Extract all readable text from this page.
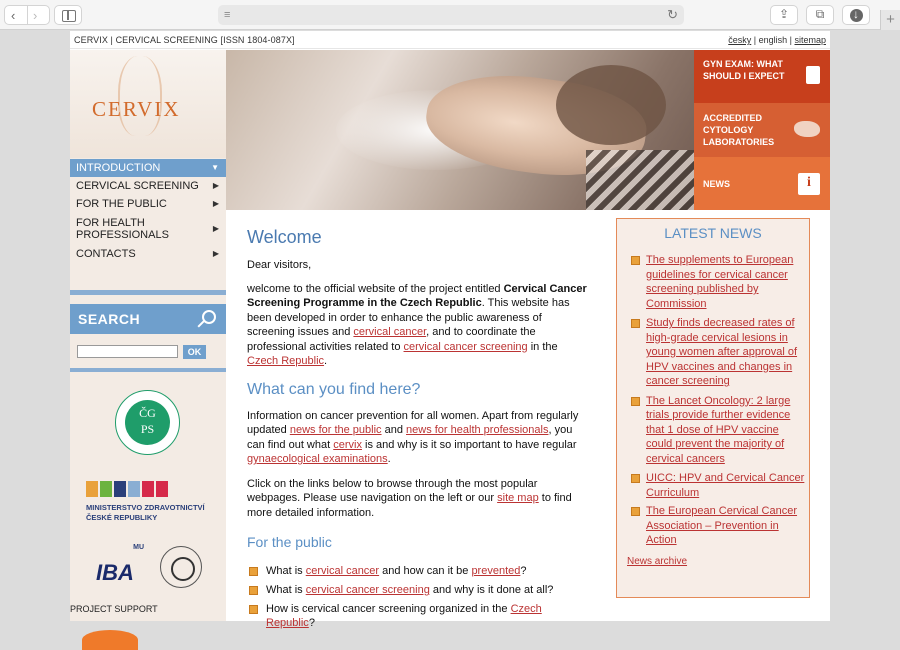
‹ ›	≡	↻	⇪	⧉	↓	+
CERVIX | CERVICAL SCREENING [ISSN 1804-087X]	česky | english | sitemap
CERVIX
INTRODUCTION	▼
CERVICAL SCREENING ▶
FOR THE PUBLIC	▶
FOR HEALTH PROFESSIONALS
▶
CONTACTS	▶
SEARCH
OK
ČG PS
MINISTERSTVO ZDRAVOTNICTVÍ
ČESKÉ REPUBLIKY
MU
IBA
PROJECT SUPPORT
GYN EXAM: WHAT SHOULD I EXPECT
ACCREDITED CYTOLOGY LABORATORIES
NEWS	i
Welcome

Dear visitors,

welcome to the official website of the project entitled Cervical Cancer Screening Programme in the Czech Republic. This website has been developed in order to enhance the public awareness of screening issues and cervical cancer, and to coordinate the professional activities related to cervical cancer screening in the Czech Republic.

What can you find here?

Information on cancer prevention for all women. Apart from regularly updated news for the public and news for health professionals, you can find out what cervix is and why is it so important to have regular gynaecological examinations.

Click on the links below to browse through the most popular webpages. Please use navigation on the left or our site map to find more detailed information.

For the public
What is cervical cancer and how can it be prevented?
What is cervical cancer screening and why is it done at all?
How is cervical cancer screening organized in the Czech Republic?
LATEST NEWS
The supplements to European guidelines for cervical cancer screening published by Commission
Study finds decreased rates of high-grade cervical lesions in young women after approval of HPV vaccines and changes in cancer screening
The Lancet Oncology: 2 large trials provide further evidence that 1 dose of HPV vaccine could prevent the majority of cervical cancers
UICC: HPV and Cervical Cancer Curriculum
The European Cervical Cancer Association – Prevention in Action
News archive
